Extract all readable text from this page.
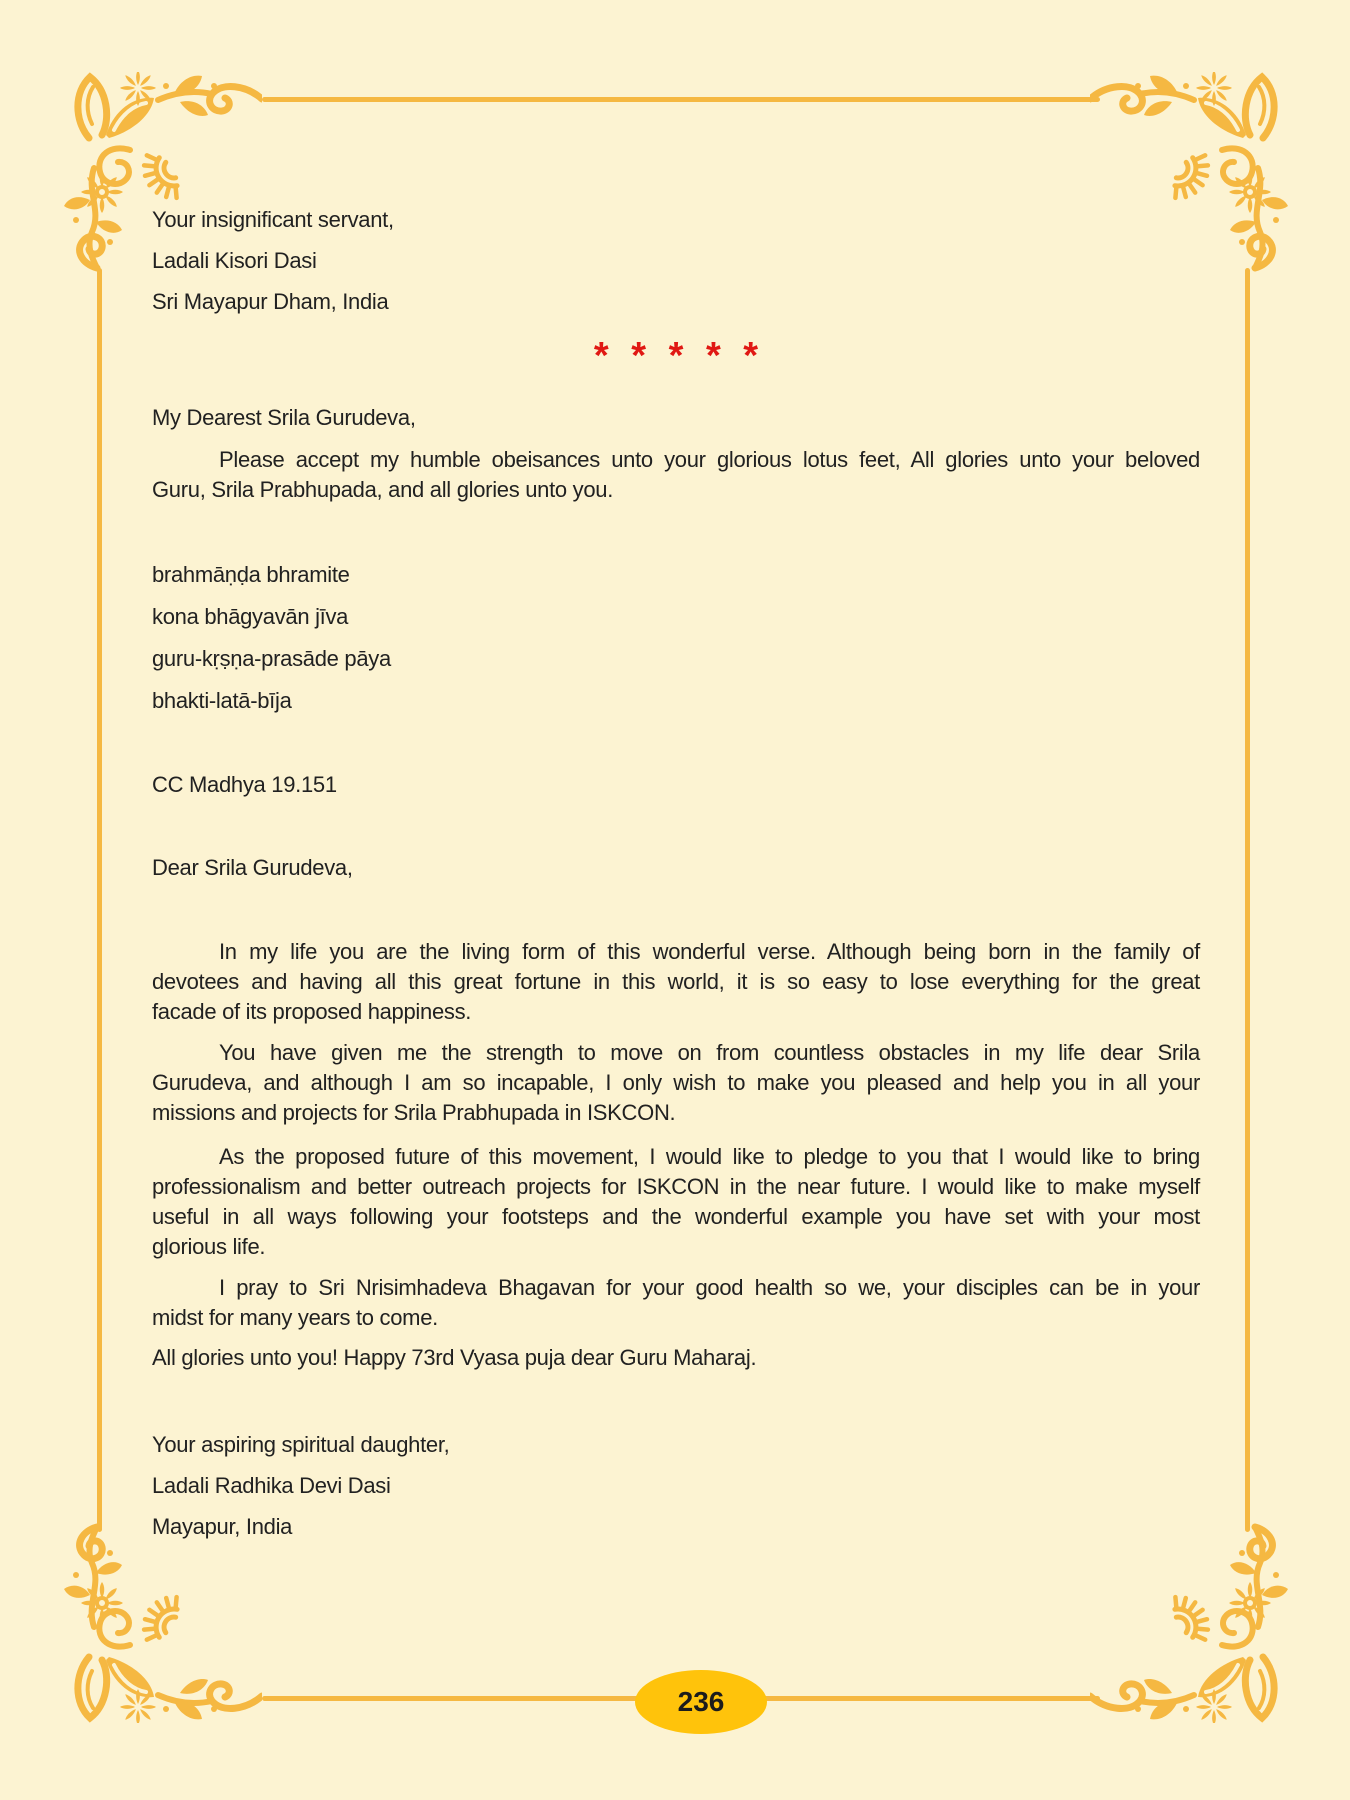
Your insignificant servant,
Ladali Kisori Dasi
Sri Mayapur Dham, India
* * * * *
My Dearest Srila Gurudeva,
Please accept my humble obeisances unto your glorious lotus feet, All glories unto your beloved
Guru, Srila Prabhupada, and all glories unto you.
brahmāṇḍa bhramite
kona bhāgyavān jīva
guru-kṛṣṇa-prasāde pāya
bhakti-latā-bīja
CC Madhya 19.151
Dear Srila Gurudeva,
In my life you are the living form of this wonderful verse. Although being born in the family of
devotees and having all this great fortune in this world, it is so easy to lose everything for the great
facade of its proposed happiness.
You have given me the strength to move on from countless obstacles in my life dear Srila
Gurudeva, and although I am so incapable, I only wish to make you pleased and help you in all your
missions and projects for Srila Prabhupada in ISKCON.
As the proposed future of this movement, I would like to pledge to you that I would like to bring
professionalism and better outreach projects for ISKCON in the near future. I would like to make myself
useful in all ways following your footsteps and the wonderful example you have set with your most
glorious life.
I pray to Sri Nrisimhadeva Bhagavan for your good health so we, your disciples can be in your
midst for many years to come.
All glories unto you! Happy 73rd Vyasa puja dear Guru Maharaj.
Your aspiring spiritual daughter,
Ladali Radhika Devi Dasi
Mayapur, India
236
